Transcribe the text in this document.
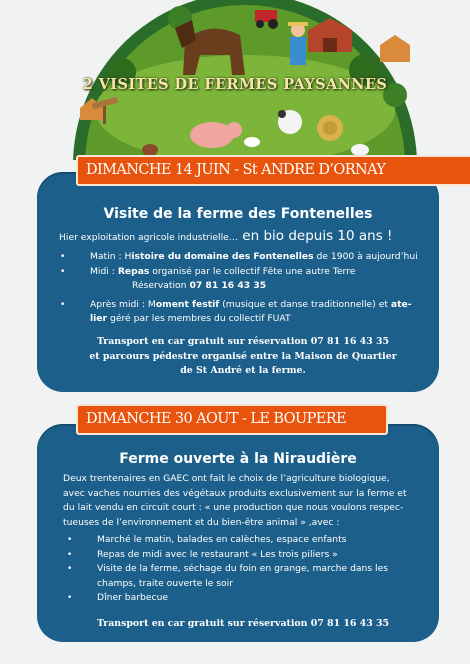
2 VISITES DE FERMES PAYSANNES
Visite de la ferme des Fontenelles
Hier exploitation agricole industrielle… en bio depuis 10 ans !
•	Matin : Histoire du domaine des Fontenelles de 1900 à aujourd’hui
•	Midi : Repas organisé par le collectif Fête une autre Terre
Réservation 07 81 16 43 35
•	Après midi : Moment festif (musique et danse traditionnelle) et ate-
lier géré par les membres du collectif FUAT
Transport en car gratuit sur réservation 07 81 16 43 35
et parcours pédestre organisé entre la Maison de Quartier
de St André et la ferme.
DIMANCHE 14 JUIN - St ANDRE D’ORNAY
Ferme ouverte à la Niraudière
Deux trentenaires en GAEC ont fait le choix de l’agriculture biologique,
avec vaches nourries des végétaux produits exclusivement sur la ferme et
du lait vendu en circuit court : « une production que nous voulons respec-
tueuses de l’environnement et du bien-être animal » ,avec :
•	Marché le matin, balades en calèches, espace enfants
•	Repas de midi avec le restaurant « Les trois piliers »
•	Visite de la ferme, séchage du foin en grange, marche dans les
champs, traite ouverte le soir
•	Dîner barbecue
Transport en car gratuit sur réservation 07 81 16 43 35
DIMANCHE 30 AOUT - LE BOUPERE
